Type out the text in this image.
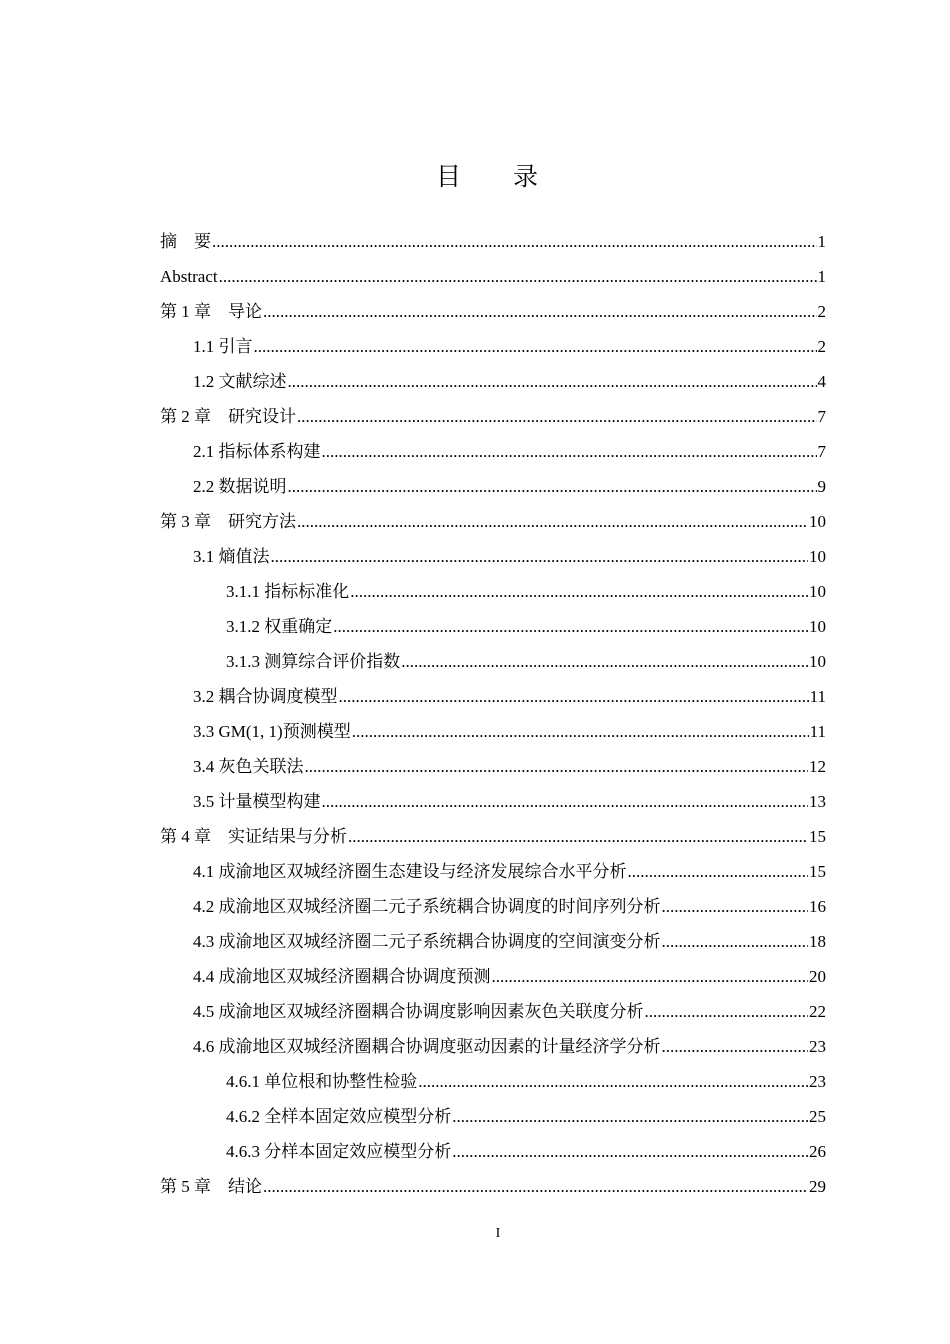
目 录
摘　要 .....	1
Abstract .....	1
第 1 章　导论 .....	2
1.1 引言 .....	2
1.2 文献综述 .....	4
第 2 章　研究设计 .....	7
2.1 指标体系构建 .....	7
2.2 数据说明 .....	9
第 3 章　研究方法 .....	10
3.1 熵值法 .....	10
3.1.1 指标标准化 .....	10
3.1.2 权重确定 .....	10
3.1.3 测算综合评价指数 .....	10
3.2 耦合协调度模型 .....	11
3.3 GM(1, 1)预测模型 .....	11
3.4 灰色关联法 .....	12
3.5 计量模型构建 .....	13
第 4 章　实证结果与分析 .....	15
4.1 成渝地区双城经济圈生态建设与经济发展综合水平分析 .....	15
4.2 成渝地区双城经济圈二元子系统耦合协调度的时间序列分析 .....	16
4.3 成渝地区双城经济圈二元子系统耦合协调度的空间演变分析 .....	18
4.4 成渝地区双城经济圈耦合协调度预测 .....	20
4.5 成渝地区双城经济圈耦合协调度影响因素灰色关联度分析 .....	22
4.6 成渝地区双城经济圈耦合协调度驱动因素的计量经济学分析 .....	23
4.6.1 单位根和协整性检验 .....	23
4.6.2 全样本固定效应模型分析 .....	25
4.6.3 分样本固定效应模型分析 .....	26
第 5 章　结论 .....	29
I
